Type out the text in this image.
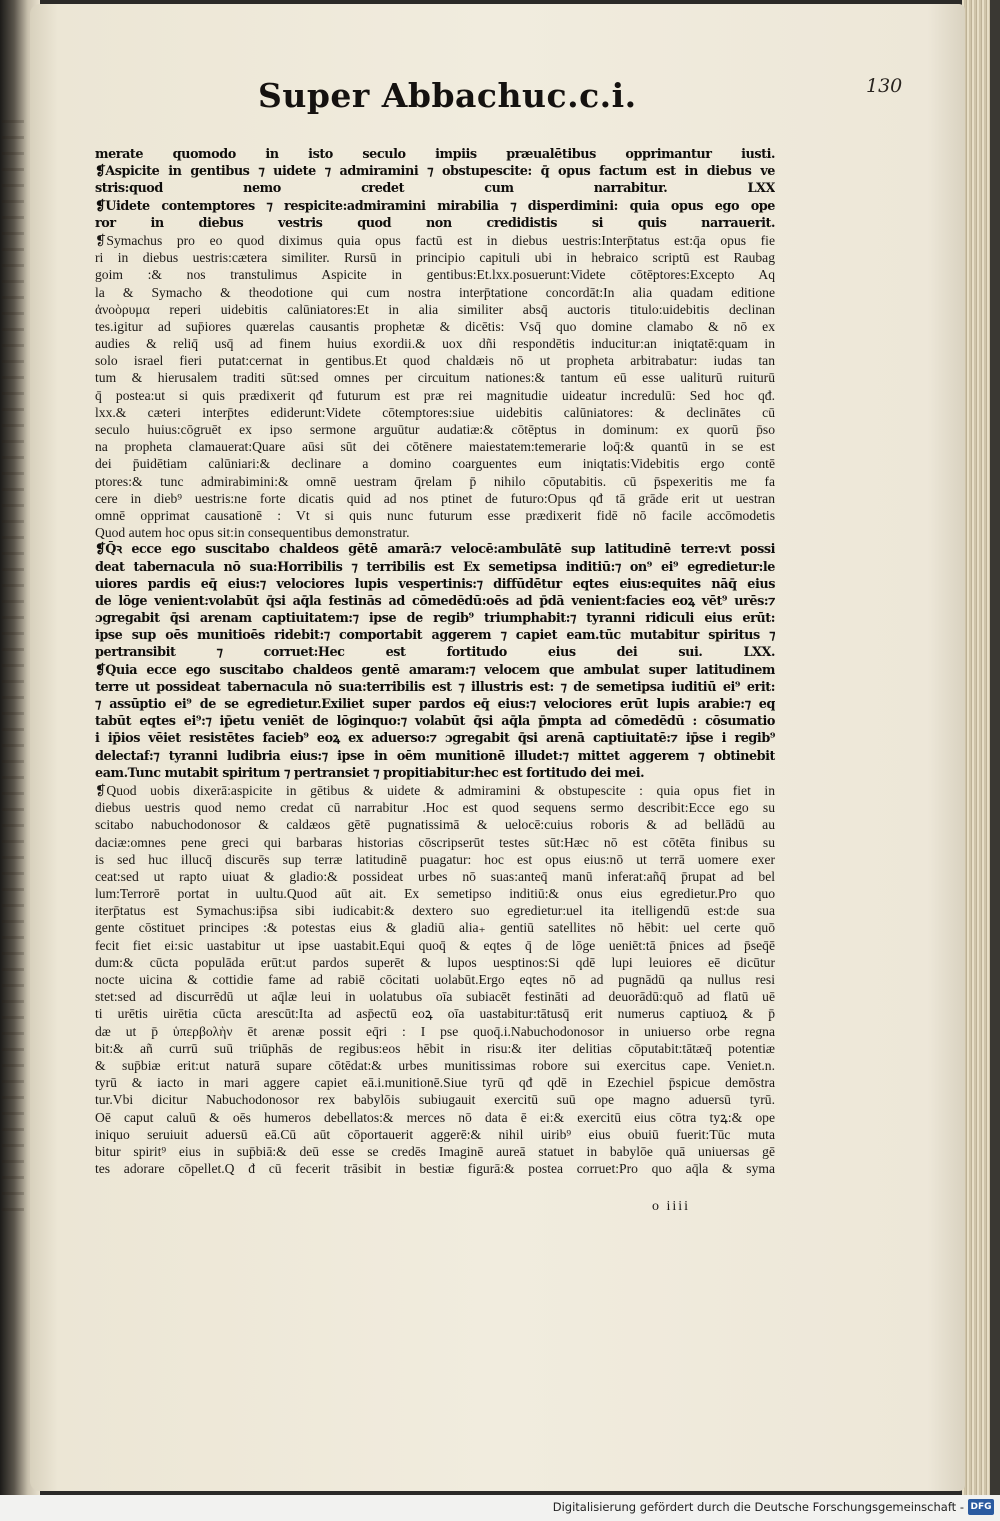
Super Abbachuc.c.i.	130
merate quomodo in isto seculo impiis præualētibus opprimantur iusti.
❡Aspicite in gentibus ⁊ uidete ⁊ admiramini ⁊ obstupescite: q̄ opus factum est in diebus ve
stris:quod nemo credet cum narrabitur. LXX
❡Uidete contemptores ⁊ respicite:admiramini mirabilia ⁊ disperdimini: quia opus ego ope
ror in diebus vestris quod non credidistis si quis narrauerit.
❡Symachus pro eo quod diximus quia opus factū est in diebus uestris:Interp̄tatus est:q̄a opus fie
ri in diebus uestris:cætera similiter. Rursū in principio capituli ubi in hebraico scriptū est Raubag
goim :& nos transtulimus Aspicite in gentibus:Et.lxx.posuerunt:Videte cōtēptores:Excepto Aq
la & Symacho & theodotione qui cum nostra interp̄tatione concordāt:In alia quadam editione
ἀνοὸρυμα reperi uidebitis calūniatores:Et in alia similiter absq̄ auctoris titulo:uidebitis declinan
tes.igitur ad sup̄iores quærelas causantis prophetæ & dicētis: Vsq̄ quo domine clamabo & nō ex
audies & reliq̄ usq̄ ad finem huius exordii.& uox dñi respondētis inducitur:an iniqtatē:quam in
solo israel fieri putat:cernat in gentibus.Et quod chaldæis nō ut propheta arbitrabatur: iudas tan
tum & hierusalem traditi sūt:sed omnes per circuitum nationes:& tantum eū esse ualiturū ruiturū
q̄ postea:ut si quis prædixerit qđ futurum est præ rei magnitudie uideatur incredulū: Sed hoc qđ.
lxx.& cæteri interp̄tes ediderunt:Videte cōtemptores:siue uidebitis calūniatores: & declinātes cū
seculo huius:cōgruēt ex ipso sermone arguūtur audatiæ:& cōtēptus in dominum: ex quorū p̄so
na propheta clamauerat:Quare aūsi sūt dei cōtēnere maiestatem:temerarie loq̄:& quantū in se est
dei p̄uidētiam calūniari:& declinare a domino coarguentes eum iniqtatis:Videbitis ergo contē
ptores:& tunc admirabimini:& omnē uestram q̄relam p̄ nihilo cōputabitis. cū p̄spexeritis me fa
cere in dieb⁹ uestris:ne forte dicatis quid ad nos ptinet de futuro:Opus qđ tā grāde erit ut uestran
omnē opprimat causationē : Vt si quis nunc futurum esse prædixerit fidē nō facile accōmodetis
Quod autem hoc opus sit:in consequentibus demonstratur.
❡Q̄ꝛ ecce ego suscitabo chaldeos gētē amarā:⁊ velocē:ambulātē sup latitudinē terre:vt possi
deat tabernacula nō sua:Horribilis ⁊ terribilis est Ex semetipsa inditiū:⁊ on⁹ ei⁹ egredietur:le
uiores pardis eq̄ eius:⁊ velociores lupis vespertinis:⁊ diffūdētur eqtes eius:equites nāq̄ eius
de lōge venient:volabūt q̄si aq̄la festinās ad cōmedēdū:oēs ad p̄dā venient:facies eoꝝ vēt⁹ urēs:⁊
ɔgregabit q̄si arenam captiuitatem:⁊ ipse de regib⁹ triumphabit:⁊ tyranni ridiculi eius erūt:
ipse sup oēs munitioēs ridebit:⁊ comportabit aggerem ⁊ capiet eam.tūc mutabitur spiritus ⁊
pertransibit ⁊ corruet:Hec est fortitudo eius dei sui. LXX.
❡Quia ecce ego suscitabo chaldeos gentē amaram:⁊ velocem que ambulat super latitudinem
terre ut possideat tabernacula nō sua:terribilis est ⁊ illustris est: ⁊ de semetipsa iuditiū ei⁹ erit:
⁊ assūptio ei⁹ de se egredietur.Exiliet super pardos eq̄ eius:⁊ velociores erūt lupis arabie:⁊ eq
tabūt eqtes ei⁹:⁊ ip̄etu veniēt de lōginquo:⁊ volabūt q̄si aq̄la p̄mpta ad cōmedēdū : cōsumatio
i ip̄ios vēiet resistētes facieb⁹ eoꝝ ex aduerso:⁊ ɔgregabit q̄si arenā captiuitatē:⁊ ip̄se i regib⁹
delectaf:⁊ tyranni ludibria eius:⁊ ipse in oēm munitionē illudet:⁊ mittet aggerem ⁊ obtinebit
eam.Tunc mutabit spiritum ⁊ pertransiet ⁊ propitiabitur:hec est fortitudo dei mei.
❡Quod uobis dixerā:aspicite in gētibus & uidete & admiramini & obstupescite : quia opus fiet in
diebus uestris quod nemo credat cū narrabitur .Hoc est quod sequens sermo describit:Ecce ego su
scitabo nabuchodonosor & caldæos gētē pugnatissimā & uelocē:cuius roboris & ad bellādū au
daciæ:omnes pene greci qui barbaras historias cōscripserūt testes sūt:Hæc nō est cōtēta finibus su
is sed huc illucq̄ discurēs sup terræ latitudinē puagatur: hoc est opus eius:nō ut terrā uomere exer
ceat:sed ut rapto uiuat & gladio:& possideat urbes nō suas:anteq̄ manū inferat:añq̄ p̄rupat ad bel
lum:Terrorē portat in uultu.Quod aūt ait. Ex semetipso inditiū:& onus eius egredietur.Pro quo
iterp̄tatus est Symachus:ip̄sa sibi iudicabit:& dextero suo egredietur:uel ita itelligendū est:de sua
gente cōstituet principes :& potestas eius & gladiū alia₊ gentiū satellites nō hēbit: uel certe quō
fecit fiet ei:sic uastabitur ut ipse uastabit.Equi quoq̄ & eqtes q̄ de lōge ueniēt:tā p̄nices ad p̄seq̄ē
dum:& cūcta populāda erūt:ut pardos superēt & lupos uesptinos:Si qdē lupi leuiores eē dicūtur
nocte uicina & cottidie fame ad rabiē cōcitati uolabūt.Ergo eqtes nō ad pugnādū qa nullus resi
stet:sed ad discurrēdū ut aq̄læ leui in uolatubus oīa subiacēt festināti ad deuorādū:quō ad flatū uē
ti urētis uirētia cūcta arescūt:Ita ad asp̄ectū eoꝝ oīa uastabitur:tātusq̄ erit numerus captiuoꝝ & p̄
dæ ut p̄ ὑπερβολὴν ēt arenæ possit eq̄ri : I pse quoq̄.i.Nabuchodonosor in uniuerso orbe regna
bit:& añ currū suū triūphās de regibus:eos hēbit in risu:& iter delitias cōputabit:tātæq̄ potentiæ
& sup̄biæ erit:ut naturā supare cōtēdat:& urbes munitissimas robore sui exercitus cape. Veniet.n.
tyrū & iacto in mari aggere capiet eā.i.munitionē.Siue tyrū qđ qdē in Ezechiel p̄spicue demōstra
tur.Vbi dicitur Nabuchodonosor rex babylōis subiugauit exercitū suū ope magno aduersū tyrū.
Oē caput caluū & oēs humeros debellatos:& merces nō data ē ei:& exercitū eius cōtra tyꝝ:& ope
iniquo seruiuit aduersū eā.Cū aūt cōportauerit aggerē:& nihil uirib⁹ eius obuiū fuerit:Tūc muta
bitur spirit⁹ eius in sup̄biā:& deū esse se credēs Imaginē aureā statuet in babylōe quā uniuersas gē
tes adorare cōpellet.Q đ cū fecerit trāsibit in bestiæ figurā:& postea corruet:Pro quo aq̄la & syma
o iiii
Digitalisierung gefördert durch die Deutsche Forschungsgemeinschaft - DFG
